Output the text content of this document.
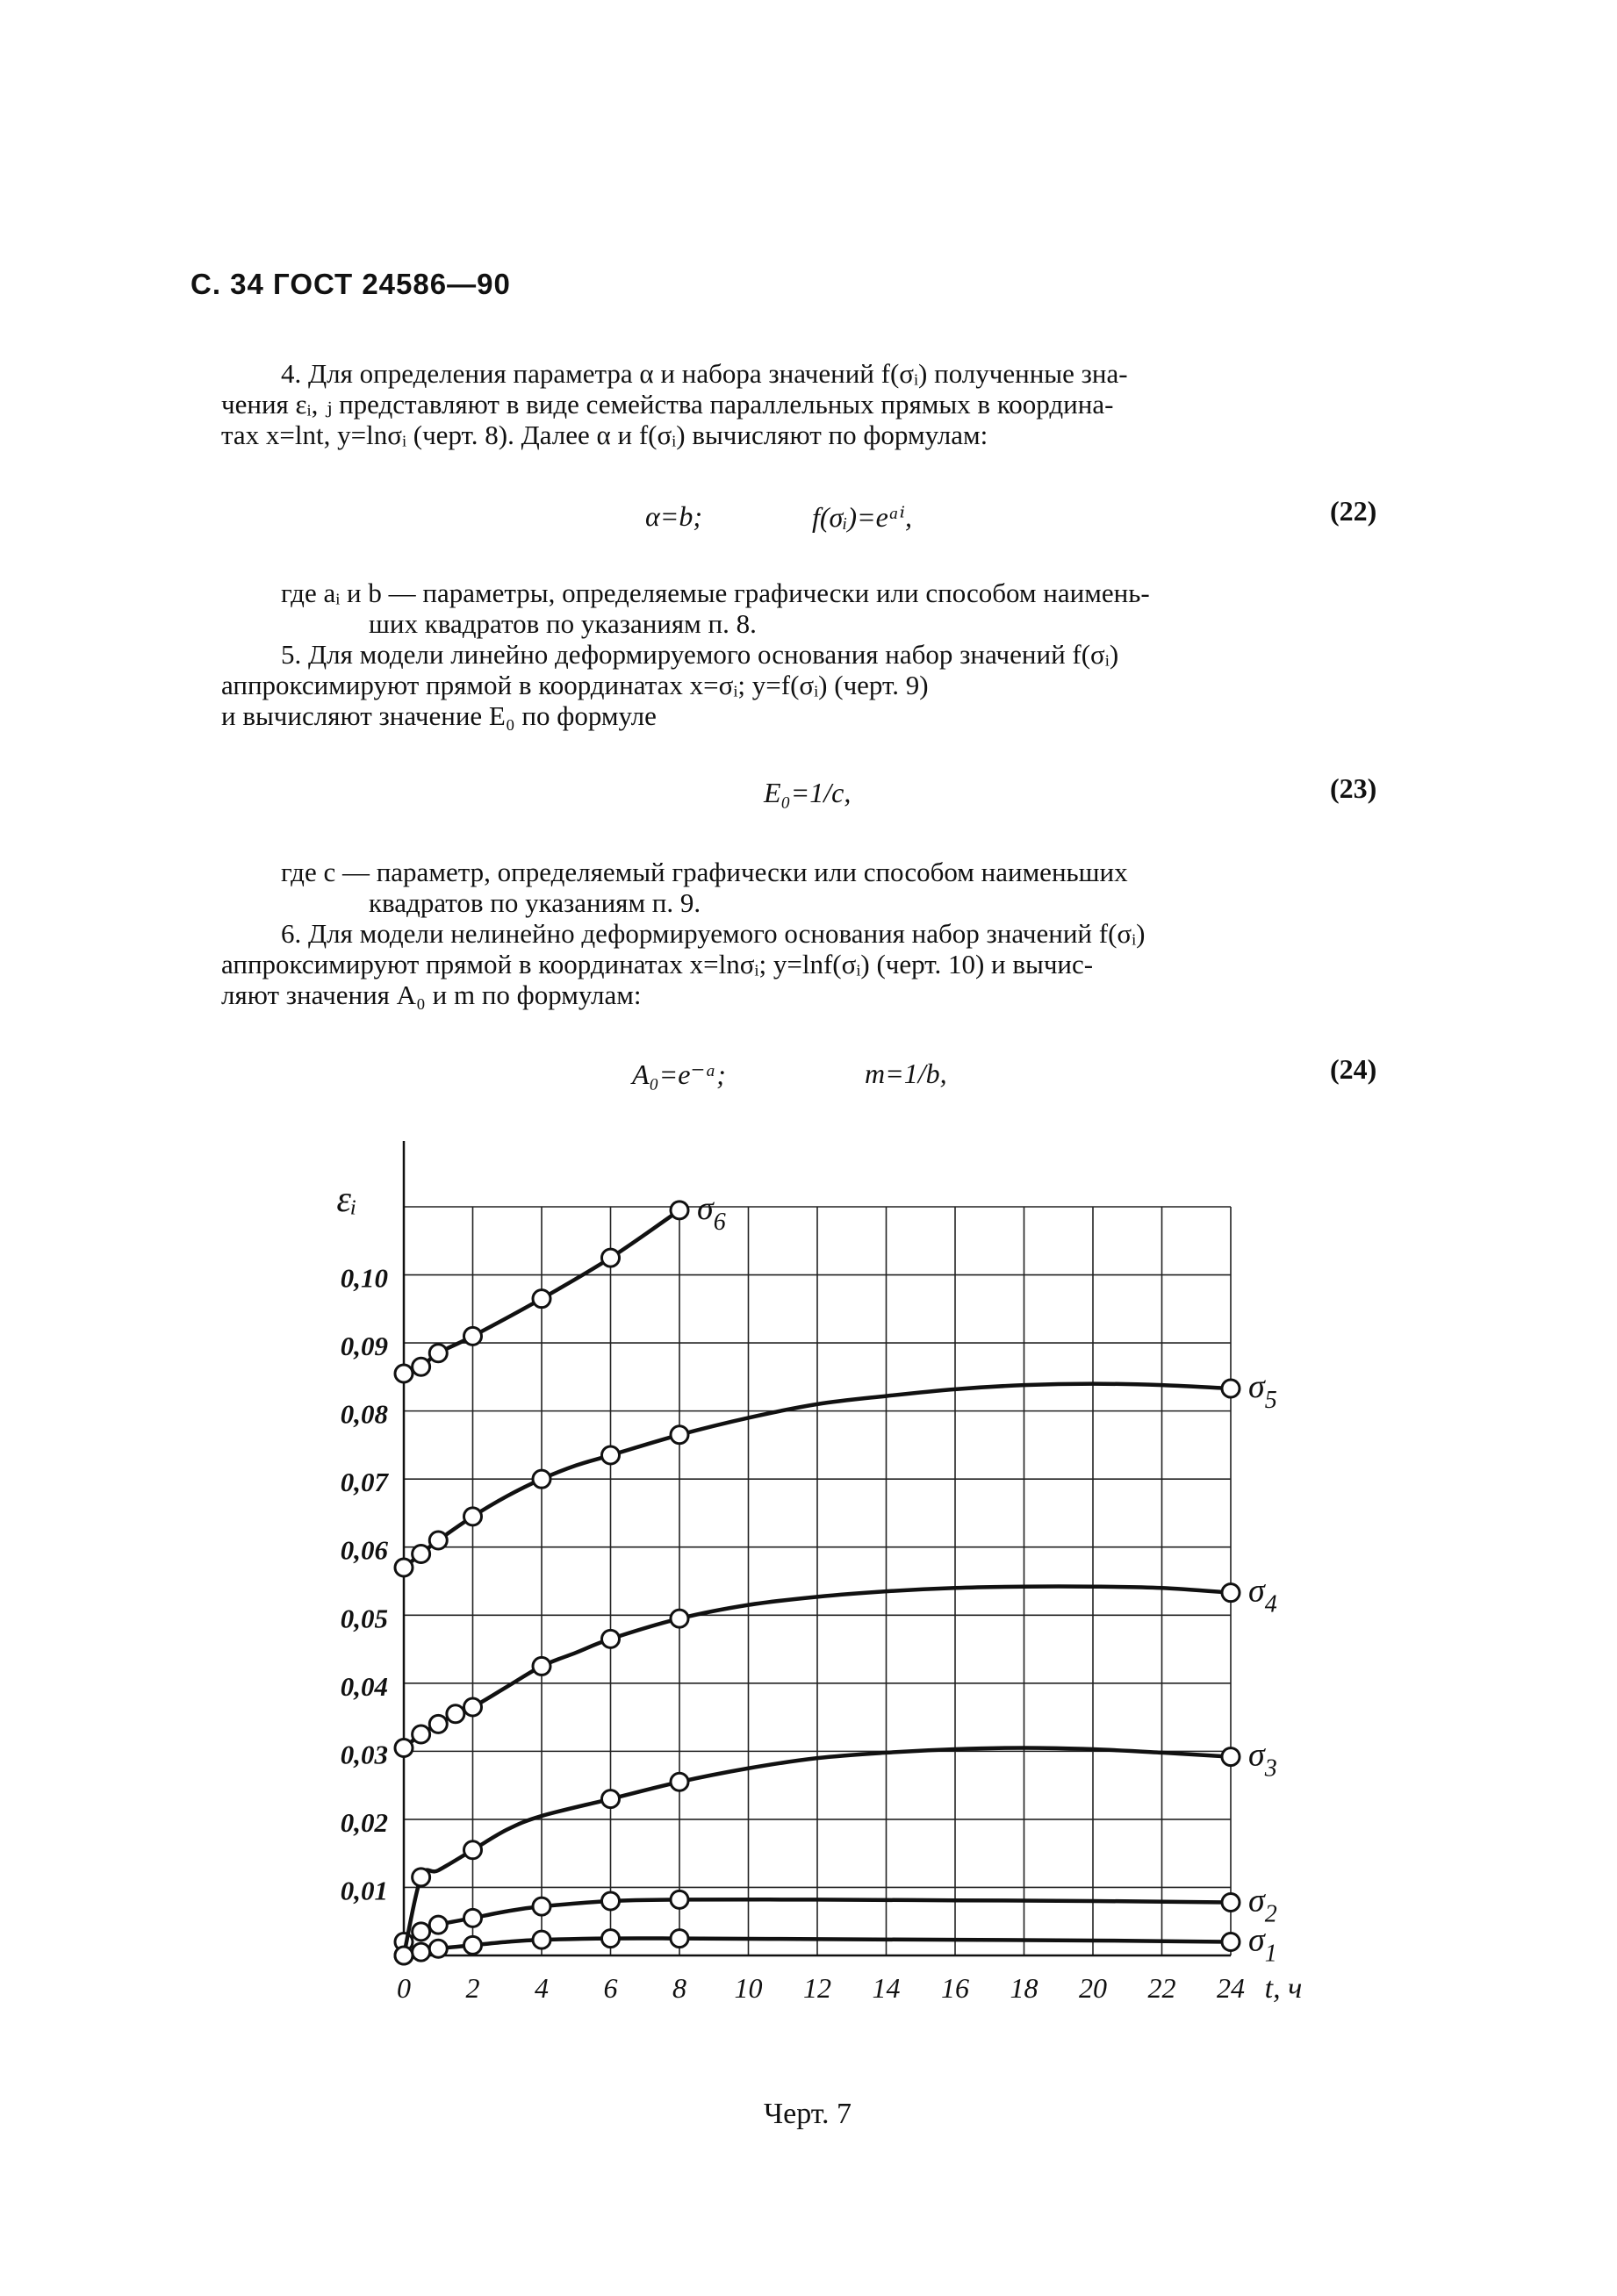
С. 34 ГОСТ 24586—90
4. Для определения параметра α и набора значений f(σᵢ) полученные зна-
чения εᵢ, ⱼ представляют в виде семейства параллельных прямых в координа-
тах x=lnt, y=lnσᵢ (черт. 8). Далее α и f(σᵢ) вычисляют по формулам:
α=b;	f(σᵢ)=eᵃⁱ,	(22)
где aᵢ и b — параметры, определяемые графически или способом наимень-
ших квадратов по указаниям п. 8.
5. Для модели линейно деформируемого основания набор значений f(σᵢ)
аппроксимируют прямой в координатах x=σᵢ; y=f(σᵢ) (черт. 9)
и вычисляют значение E₀ по формуле
E₀=1/c,	(23)
где c — параметр, определяемый графически или способом наименьших
квадратов по указаниям п. 9.
6. Для модели нелинейно деформируемого основания набор значений f(σᵢ)
аппроксимируют прямой в координатах x=lnσᵢ; y=lnf(σᵢ) (черт. 10) и вычис-
ляют значения A₀ и m по формулам:
A₀=e⁻ᵃ;	m=1/b,	(24)
0 2 4 6 8 10 12 14 16 18 20 22 24 t, ч
0,01
0,02
0,03
0,04
0,05
0,06
0,07
0,08
0,09
0,10
εᵢ
$\sigma_1$
$\sigma_2$
$\sigma_3$
$\sigma_4$
$\sigma_5$
$\sigma_6$
Черт. 7
